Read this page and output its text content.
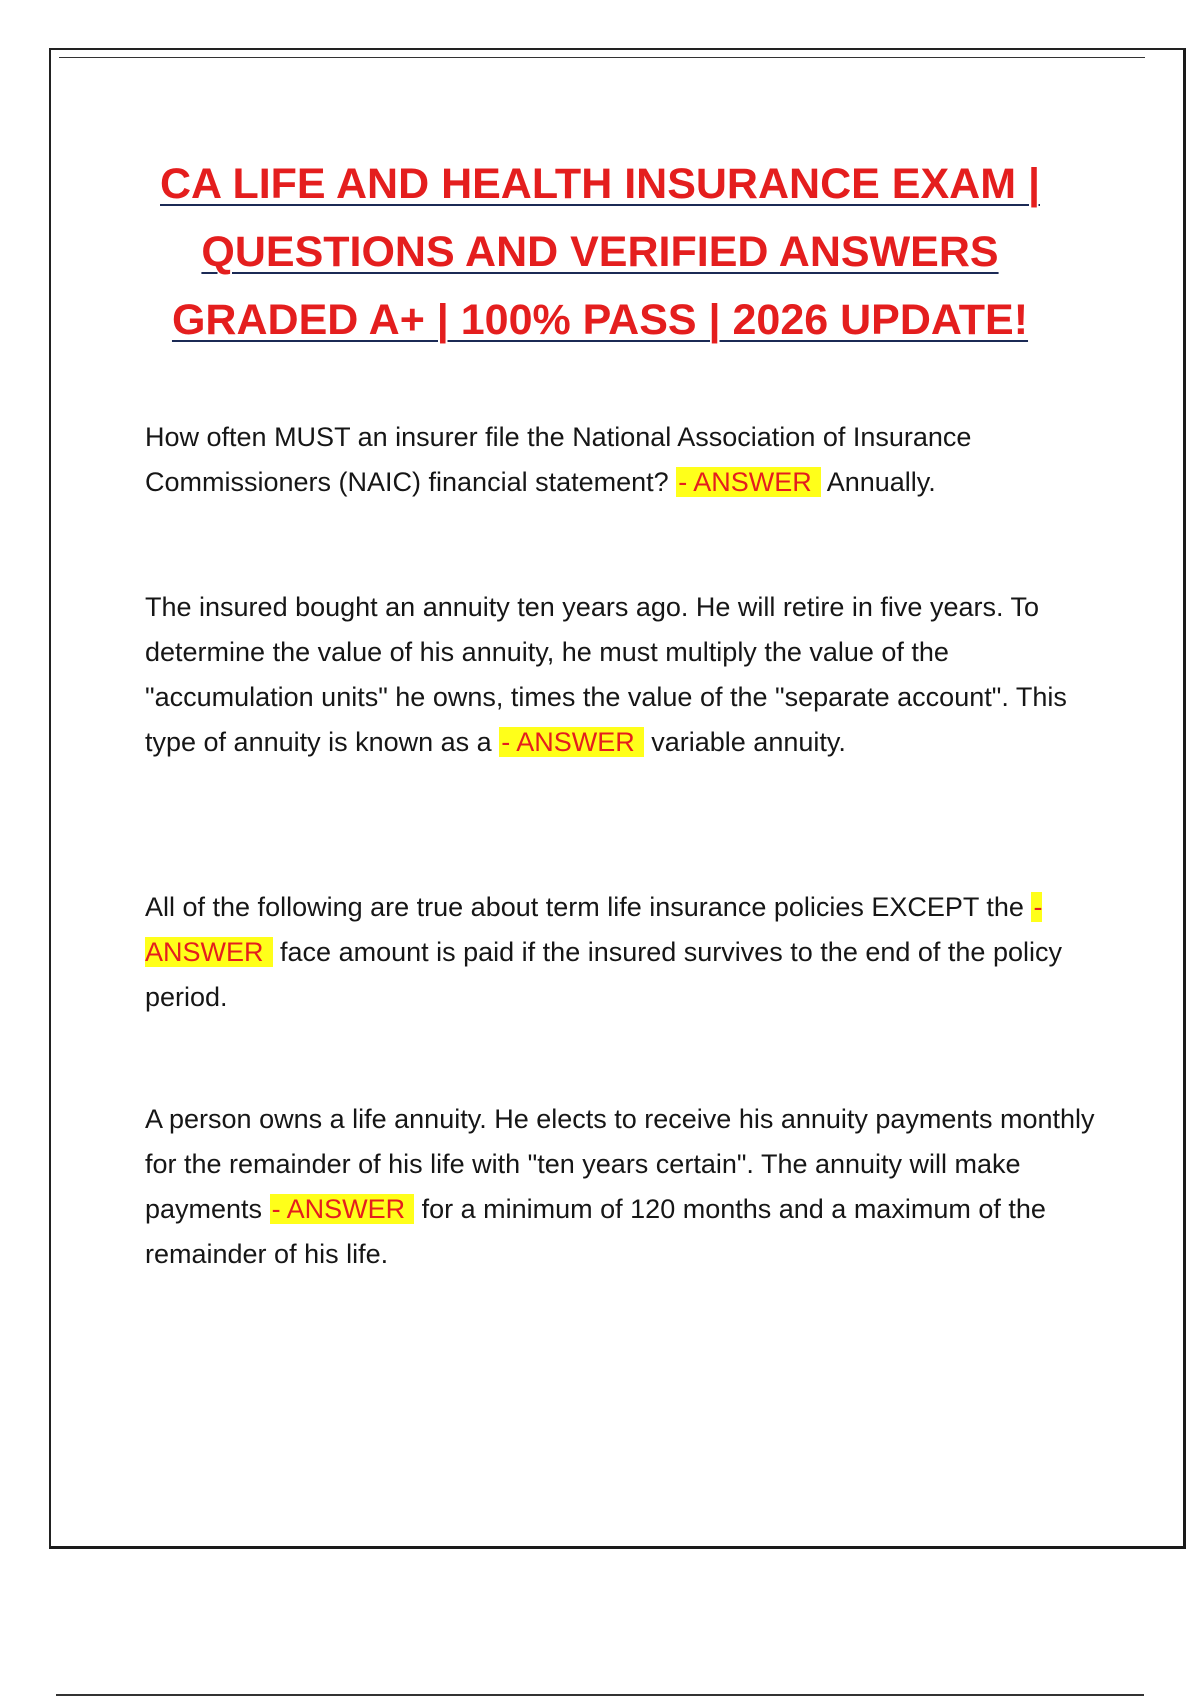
CA LIFE AND HEALTH INSURANCE EXAM |
QUESTIONS AND VERIFIED ANSWERS
GRADED A+ | 100% PASS | 2026 UPDATE!
How often MUST an insurer file the National Association of Insurance Commissioners (NAIC) financial statement? - ANSWER Annually.
The insured bought an annuity ten years ago. He will retire in five years. To determine the value of his annuity, he must multiply the value of the "accumulation units" he owns, times the value of the "separate account". This type of annuity is known as a - ANSWER variable annuity.
All of the following are true about term life insurance policies EXCEPT the - ANSWER face amount is paid if the insured survives to the end of the policy period.
A person owns a life annuity. He elects to receive his annuity payments monthly for the remainder of his life with "ten years certain". The annuity will make payments - ANSWER for a minimum of 120 months and a maximum of the remainder of his life.
